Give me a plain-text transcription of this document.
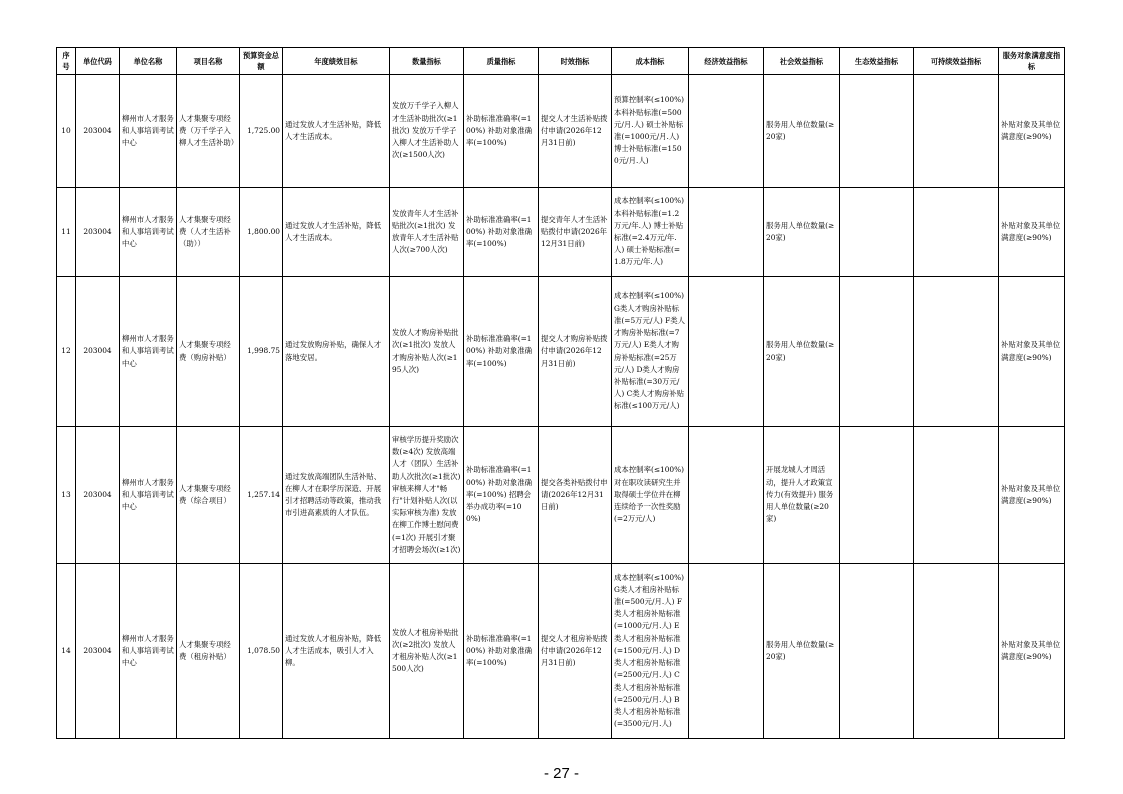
序号	单位代码	单位名称	项目名称	预算资金总额	年度绩效目标	数量指标	质量指标	时效指标	成本指标	经济效益指标	社会效益指标	生态效益指标	可持续效益指标	服务对象满意度指标
10	203004	柳州市人才服务和人事培训考试中心	人才集聚专项经费（万千学子入柳人才生活补助）	1,725.00	通过发放人才生活补贴，降低人才生活成本。	发放万千学子入柳人才生活补助批次(≥1批次) 发放万千学子入柳人才生活补助人次(≥1500人次)	补助标准准确率(=100%) 补助对象准确率(=100%)	提交人才生活补贴拨付申请(2026年12月31日前)	预算控制率(≤100%) 本科补贴标准(=500元/月.人) 硕士补贴标准(=1000元/月.人) 博士补贴标准(=1500元/月.人)		服务用人单位数量(≥20家)			补贴对象及其单位满意度(≥90%)
11	203004	柳州市人才服务和人事培训考试中心	人才集聚专项经费（人才生活补（助））	1,800.00	通过发放人才生活补贴，降低人才生活成本。	发放青年人才生活补贴批次(≥1批次) 发放青年人才生活补贴人次(≥700人次)	补助标准准确率(=100%) 补助对象准确率(=100%)	提交青年人才生活补贴拨付申请(2026年12月31日前)	成本控制率(≤100%) 本科补贴标准(=1.2万元/年.人) 博士补贴标准(=2.4万元/年.人) 硕士补贴标准(=1.8万元/年.人)		服务用人单位数量(≥20家)			补贴对象及其单位满意度(≥90%)
12	203004	柳州市人才服务和人事培训考试中心	人才集聚专项经费（购房补贴）	1,998.75	通过发放购房补贴，确保人才落地安居。	发放人才购房补贴批次(≥1批次) 发放人才购房补贴人次(≥195人次)	补助标准准确率(=100%) 补助对象准确率(=100%)	提交人才购房补贴拨付申请(2026年12月31日前)	成本控制率(≤100%) G类人才购房补贴标准(=5万元/人) F类人才购房补贴标准(=7万元/人) E类人才购房补贴标准(=25万元/人) D类人才购房补贴标准(=30万元/人) C类人才购房补贴标准(≤100万元/人)		服务用人单位数量(≥20家)			补贴对象及其单位满意度(≥90%)
13	203004	柳州市人才服务和人事培训考试中心	人才集聚专项经费（综合项目）	1,257.14	通过发放高端团队生活补贴、在柳人才在职学历深造、开展引才招聘活动等政策，推动我市引进高素质的人才队伍。	审核学历提升奖励次数(≥4次) 发放高端人才（团队）生活补助人次批次(≥1批次) 审核来柳人才"畅行"计划补贴人次(以实际审核为准) 发放在柳工作博士慰问费(=1次) 开展引才聚才招聘会场次(≥1次)	补助标准准确率(=100%) 补助对象准确率(=100%) 招聘会举办成功率(=100%)	提交各类补贴拨付申请(2026年12月31日前)	成本控制率(≤100%) 对在职攻读研究生并取得硕士学位并在柳连续给予一次性奖励(=2万元/人)		开展龙城人才周活动，提升人才政策宣传力(有效提升) 服务用人单位数量(≥20家)			补贴对象及其单位满意度(≥90%)
14	203004	柳州市人才服务和人事培训考试中心	人才集聚专项经费（租房补贴）	1,078.50	通过发放人才租房补贴，降低人才生活成本，吸引人才入柳。	发放人才租房补贴批次(≥2批次) 发放人才租房补贴人次(≥1500人次)	补助标准准确率(=100%) 补助对象准确率(=100%)	提交人才租房补贴拨付申请(2026年12月31日前)	成本控制率(≤100%) G类人才租房补贴标准(=500元/月.人) F类人才租房补贴标准(=1000元/月.人) E类人才租房补贴标准(=1500元/月.人) D类人才租房补贴标准(=2500元/月.人) C类人才租房补贴标准(=2500元/月.人) B类人才租房补贴标准(=3500元/月.人)		服务用人单位数量(≥20家)			补贴对象及其单位满意度(≥90%)
- 27 -
